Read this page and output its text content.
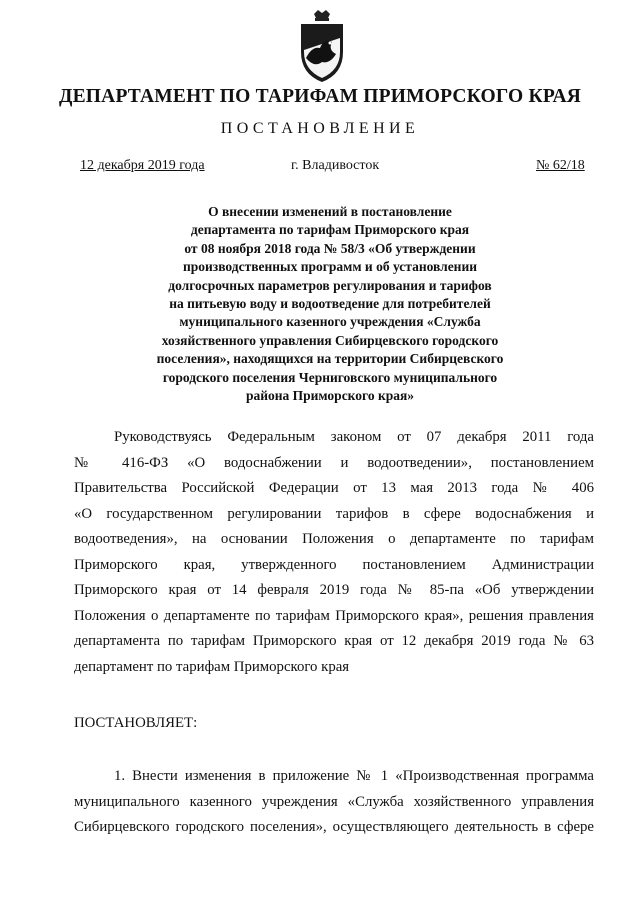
ДЕПАРТАМЕНТ ПО ТАРИФАМ ПРИМОРСКОГО КРАЯ
ПОСТАНОВЛЕНИЕ
12 декабря 2019 года	г. Владивосток	№ 62/18
О внесении изменений в постановление
департамента по тарифам Приморского края
от 08 ноября 2018 года № 58/3 «Об утверждении
производственных программ и об установлении
долгосрочных параметров регулирования и тарифов
на питьевую воду и водоотведение для потребителей
муниципального казенного учреждения «Служба
хозяйственного управления Сибирцевского городского
поселения», находящихся на территории Сибирцевского
городского поселения Черниговского муниципального
района Приморского края»
Руководствуясь Федеральным законом от 07 декабря 2011 года
№ 416-ФЗ «О водоснабжении и водоотведении», постановлением
Правительства Российской Федерации от 13 мая 2013 года № 406
«О государственном регулировании тарифов в сфере водоснабжения и
водоотведения», на основании Положения о департаменте по тарифам
Приморского края, утвержденного постановлением Администрации
Приморского края от 14 февраля 2019 года № 85-па «Об утверждении
Положения о департаменте по тарифам Приморского края», решения правления
департамента по тарифам Приморского края от 12 декабря 2019 года № 63
департамент по тарифам Приморского края
ПОСТАНОВЛЯЕТ:
1. Внести изменения в приложение № 1 «Производственная программа
муниципального казенного учреждения «Служба хозяйственного управления
Сибирцевского городского поселения», осуществляющего деятельность в сфере
